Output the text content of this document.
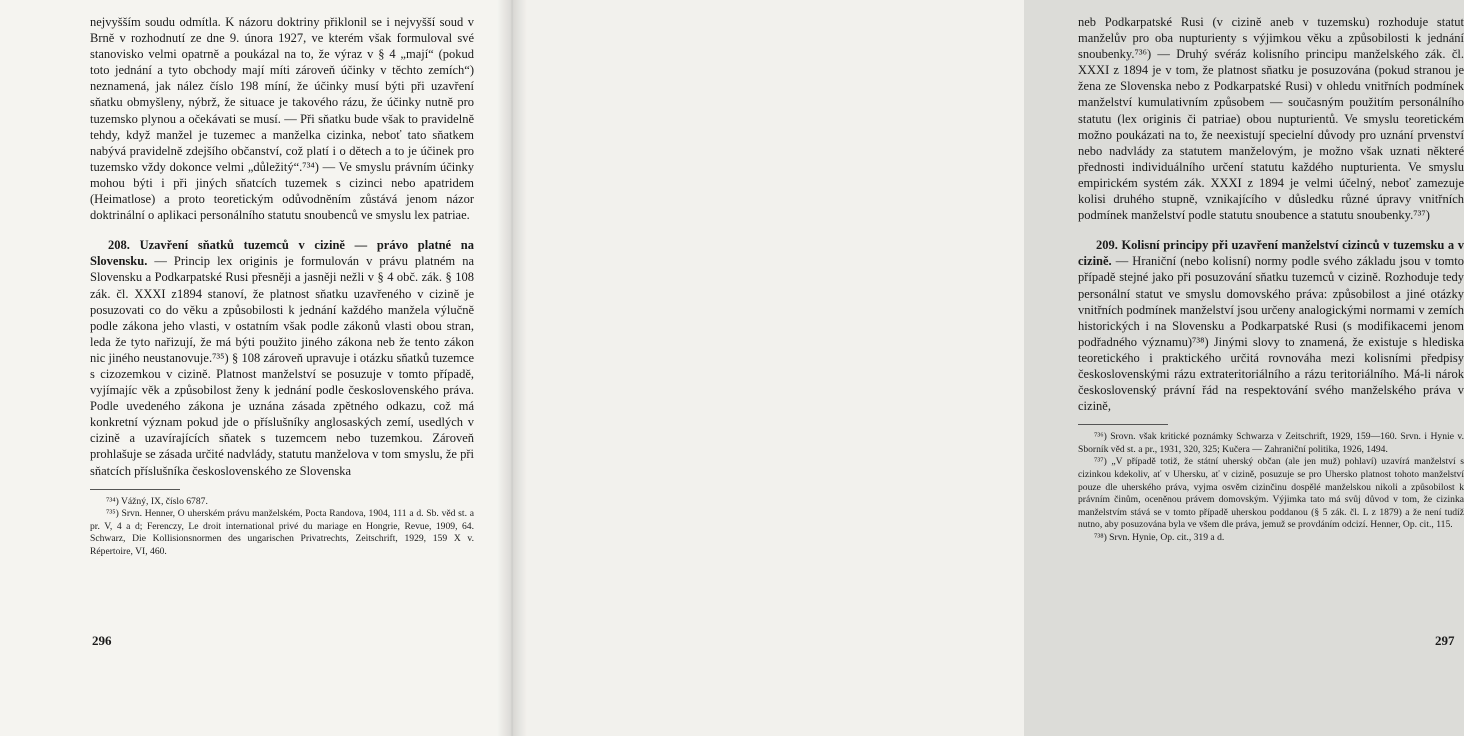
nejvyšším soudu odmítla. K názoru doktriny přiklonil se i nejvyšší soud v Brně v rozhodnutí ze dne 9. února 1927, ve kterém však formuloval své stanovisko velmi opatrně a poukázal na to, že výraz v § 4 „mají“ (pokud toto jednání a tyto obchody mají míti zároveň účinky v těchto zemích“) neznamená, jak nález číslo 198 míní, že účinky musí býti při uzavření sňatku obmyšleny, nýbrž, že situace je takového rázu, že účinky nutně pro tuzemsko plynou a očekávati se musí. — Při sňatku bude však to pravidelně tehdy, když manžel je tuzemec a manželka cizinka, neboť tato sňatkem nabývá pravidelně zdejšího občanství, což platí i o dětech a to je účinek pro tuzemsko vždy dokonce velmi „důležitý“.⁷³⁴) — Ve smyslu právním účinky mohou býti i při jiných sňatcích tuzemek s cizinci nebo apatridem (Heimatlose) a proto teoretickým odůvodněním zůstává jenom názor doktrinální o aplikaci personálního statutu snoubenců ve smyslu lex patriae.

208. Uzavření sňatků tuzemců v cizině — právo platné na Slovensku. — Princip lex originis je formulován v právu platném na Slovensku a Podkarpatské Rusi přesněji a jasněji nežli v § 4 obč. zák. § 108 zák. čl. XXXI z1894 stanoví, že platnost sňatku uzavřeného v cizině je posuzovati co do věku a způsobilosti k jednání každého manžela výlučně podle zákona jeho vlasti, v ostatním však podle zákonů vlasti obou stran, leda že tyto nařizují, že má býti použito jiného zákona neb že tento zákon nic jiného neustanovuje.⁷³⁵) § 108 zároveň upravuje i otázku sňatků tuzemce s cizozemkou v cizině. Platnost manželství se posuzuje v tomto případě, vyjímajíc věk a způsobilost ženy k jednání podle československého práva. Podle uvedeného zákona je uznána zásada zpětného odkazu, což má konkretní význam pokud jde o příslušníky anglosaských zemí, usedlých v cizině a uzavírajících sňatek s tuzemcem nebo tuzemkou. Zároveň prohlašuje se zásada určité nadvlády, statutu manželova v tom smyslu, že při sňatcích příslušníka československého ze Slovenska

⁷³⁴) Vážný, IX, číslo 6787.

⁷³⁵) Srvn. Henner, O uherském právu manželském, Pocta Randova, 1904, 111 a d. Sb. věd st. a pr. V, 4 a d; Ferenczy, Le droit international privé du mariage en Hongrie, Revue, 1909, 64. Schwarz, Die Kollisionsnormen des ungarischen Privatrechts, Zeitschrift, 1929, 159 X v. Répertoire, VI, 460.

296

neb Podkarpatské Rusi (v cizině aneb v tuzemsku) rozhoduje statut manželův pro oba nupturienty s výjimkou věku a způsobilosti k jednání snoubenky.⁷³⁶) — Druhý svéráz kolisního principu manželského zák. čl. XXXI z 1894 je v tom, že platnost sňatku je posuzována (pokud stranou je žena ze Slovenska nebo z Podkarpatské Rusi) v ohledu vnitřních podmínek manželství kumulativním způsobem — současným použitím personálního statutu (lex originis či patriae) obou nupturientů. Ve smyslu teoretickém možno poukázati na to, že neexistují specielní důvody pro uznání prvenství nebo nadvlády za statutem manželovým, je možno však uznati některé přednosti individuálního určení statutu každého nupturienta. Ve smyslu empirickém systém zák. XXXI z 1894 je velmi účelný, neboť zamezuje kolisi druhého stupně, vznikajícího v důsledku různé úpravy vnitřních podmínek manželství podle statutu snoubence a statutu snoubenky.⁷³⁷)

209. Kolisní principy při uzavření manželství cizinců v tuzemsku a v cizině. — Hraniční (nebo kolisní) normy podle svého základu jsou v tomto případě stejné jako při posuzování sňatku tuzemců v cizině. Rozhoduje tedy personální statut ve smyslu domovského práva: způsobilost a jiné otázky vnitřních podmínek manželství jsou určeny analogickými normami v zemích historických i na Slovensku a Podkarpatské Rusi (s modifikacemi jenom podřadného významu)⁷³⁸) Jinými slovy to znamená, že existuje s hlediska teoretického i praktického určitá rovnováha mezi kolisními předpisy československými rázu extrateritoriálního a rázu teritoriálního. Má-li nárok československý právní řád na respektování svého manželského práva v cizině,

⁷³⁶) Srovn. však kritické poznámky Schwarza v Zeitschrift, 1929, 159—160. Srvn. i Hynie v. Sborník věd st. a pr., 1931, 320, 325; Kučera — Zahraniční politika, 1926, 1494.

⁷³⁷) „V případě totiž, že státní uherský občan (ale jen muž) pohlaví) uzavírá manželství s cizinkou kdekoliv, ať v Uhersku, ať v cizině, posuzuje se pro Uhersko platnost tohoto manželství pouze dle uherského práva, vyjma osvěm cizinčinu dospělé manželskou nikoli a způsobilost k právním činům, oceněnou právem domovským. Výjimka tato má svůj důvod v tom, že cizinka manželstvím stává se v tomto případě uherskou poddanou (§ 5 zák. čl. L z 1879) a že není tudíž nutno, aby posuzována byla ve všem dle práva, jemuž se provdáním odcizí. Henner, Op. cit., 115.

⁷³⁸) Srvn. Hynie, Op. cit., 319 a d.

297
